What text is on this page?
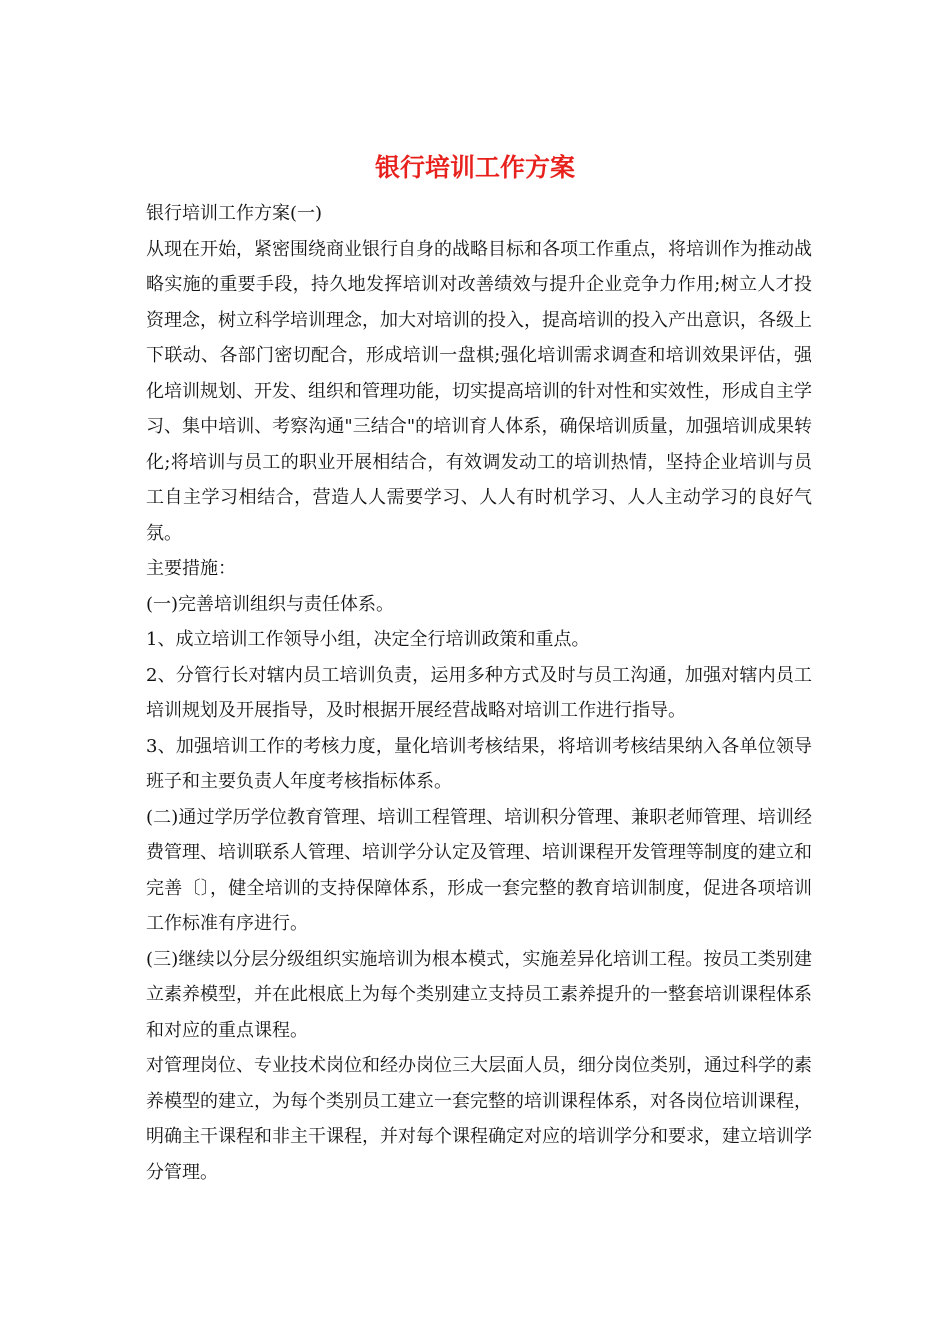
银行培训工作方案

银行培训工作方案(一)

从现在开始，紧密围绕商业银行自身的战略目标和各项工作重点，将培训作为推动战略实施的重要手段，持久地发挥培训对改善绩效与提升企业竞争力作用;树立人才投资理念，树立科学培训理念，加大对培训的投入，提高培训的投入产出意识，各级上下联动、各部门密切配合，形成培训一盘棋;强化培训需求调查和培训效果评估，强化培训规划、开发、组织和管理功能，切实提高培训的针对性和实效性，形成自主学习、集中培训、考察沟通"三结合"的培训育人体系，确保培训质量，加强培训成果转化;将培训与员工的职业开展相结合，有效调发动工的培训热情，坚持企业培训与员工自主学习相结合，营造人人需要学习、人人有时机学习、人人主动学习的良好气氛。

主要措施：

(一)完善培训组织与责任体系。

1、成立培训工作领导小组，决定全行培训政策和重点。

2、分管行长对辖内员工培训负责，运用多种方式及时与员工沟通，加强对辖内员工培训规划及开展指导，及时根据开展经营战略对培训工作进行指导。

3、加强培训工作的考核力度，量化培训考核结果，将培训考核结果纳入各单位领导班子和主要负责人年度考核指标体系。

(二)通过学历学位教育管理、培训工程管理、培训积分管理、兼职老师管理、培训经费管理、培训联系人管理、培训学分认定及管理、培训课程开发管理等制度的建立和完善〔〕，健全培训的支持保障体系，形成一套完整的教育培训制度，促进各项培训工作标准有序进行。

(三)继续以分层分级组织实施培训为根本模式，实施差异化培训工程。按员工类别建立素养模型，并在此根底上为每个类别建立支持员工素养提升的一整套培训课程体系和对应的重点课程。

对管理岗位、专业技术岗位和经办岗位三大层面人员，细分岗位类别，通过科学的素养模型的建立，为每个类别员工建立一套完整的培训课程体系，对各岗位培训课程，明确主干课程和非主干课程，并对每个课程确定对应的培训学分和要求，建立培训学分管理。
